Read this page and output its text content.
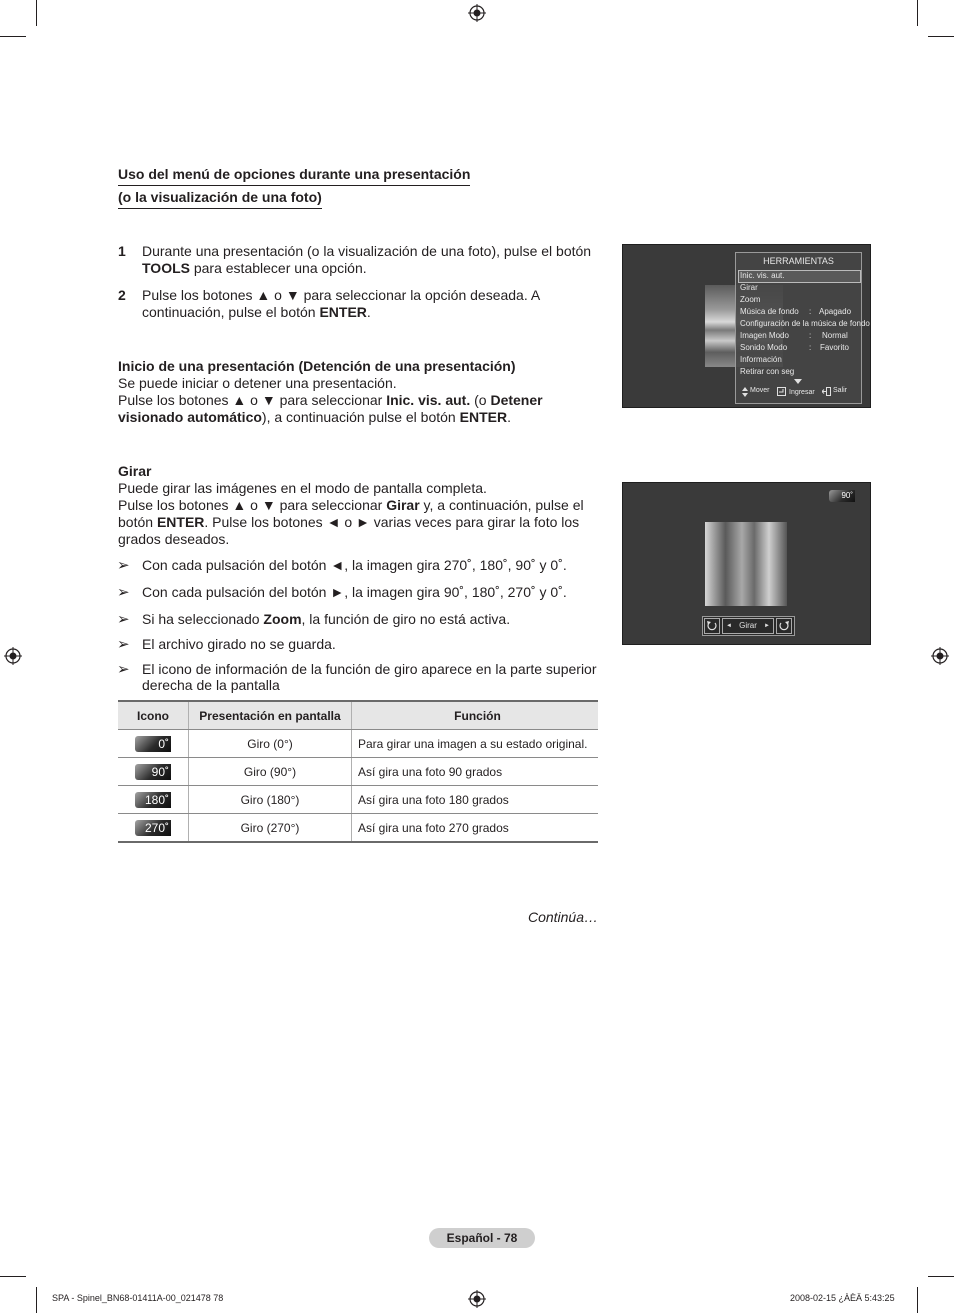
Uso del menú de opciones durante una presentación
(o la visualización de una foto)
1 Durante una presentación (o la visualización de una foto), pulse el botón TOOLS para establecer una opción.
2 Pulse los botones ▲ o ▼ para seleccionar la opción deseada. A continuación, pulse el botón ENTER.
Inicio de una presentación (Detención de una presentación)
Se puede iniciar o detener una presentación.
Pulse los botones ▲ o ▼ para seleccionar Inic. vis. aut. (o Detener visionado automático), a continuación pulse el botón ENTER.
Girar
Puede girar las imágenes en el modo de pantalla completa.
Pulse los botones ▲ o ▼ para seleccionar Girar y, a continuación, pulse el botón ENTER. Pulse los botones ◄ o ► varias veces para girar la foto los grados deseados.
➢ Con cada pulsación del botón ◄, la imagen gira 270˚, 180˚, 90˚ y 0˚.
➢ Con cada pulsación del botón ►, la imagen gira 90˚, 180˚, 270˚ y 0˚.
➢ Si ha seleccionado Zoom, la función de giro no está activa.
➢ El archivo girado no se guarda.
➢ El icono de información de la función de giro aparece en la parte superior derecha de la pantalla
Icono	Presentación en pantalla	Función
0˚	Giro (0°)	Para girar una imagen a su estado original.
90˚	Giro (90°)	Así gira una foto 90 grados
180˚	Giro (180°)	Así gira una foto 180 grados
270˚	Giro (270°)	Así gira una foto 270 grados
Continúa…
HERRAMIENTAS
Inic. vis. aut.
Girar
Zoom
Música de fondo
Configuración de la música de fondo
Imagen Modo
Sonido Modo
Información
Retirar con seg
: Apagado
: Normal
: Favorito
Mover	Ingresar	Salir
90˚
◄ Girar ►
Español - 78
SPA - Spinel_BN68-01411A-00_021478 78	2008-02-15 ¿ÀÈÄ 5:43:25
